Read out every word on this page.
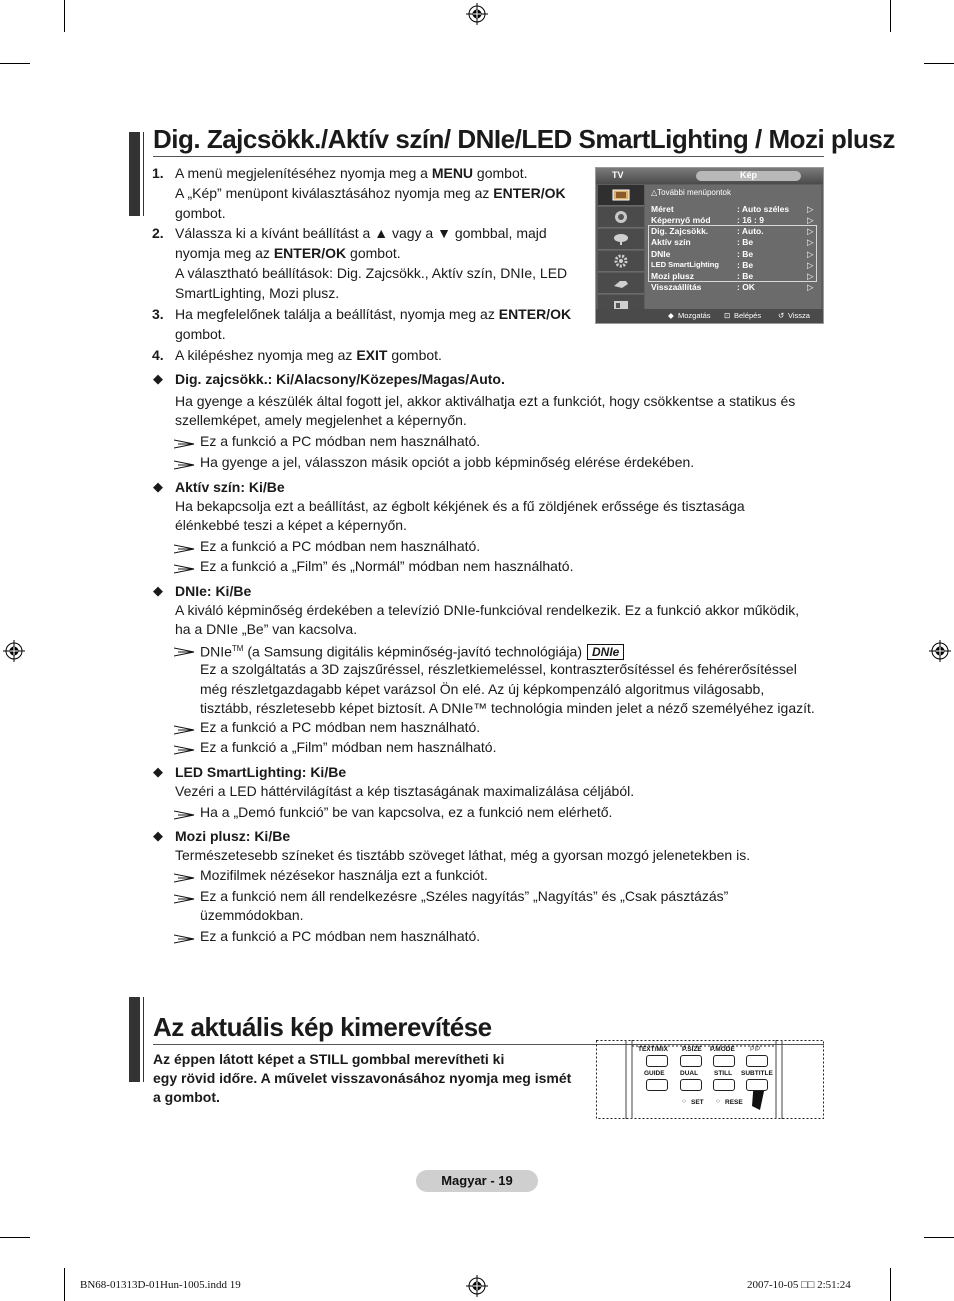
Dig. Zajcsökk./Aktív szín/ DNIe/LED SmartLighting / Mozi plusz
1. A menü megjelenítéséhez nyomja meg a MENU gombot.
A „Kép” menüpont kiválasztásához nyomja meg az ENTER/OK
gombot.
2. Válassza ki a kívánt beállítást a ▲ vagy a ▼ gombbal, majd
nyomja meg az ENTER/OK gombot.
A választható beállítások: Dig. Zajcsökk., Aktív szín, DNIe, LED
SmartLighting, Mozi plusz.
3. Ha megfelelőnek találja a beállítást, nyomja meg az ENTER/OK
gombot.
4. A kilépéshez nyomja meg az EXIT gombot.
◆ Dig. zajcsökk.: Ki/Alacsony/Közepes/Magas/Auto.
Ha gyenge a készülék által fogott jel, akkor aktiválhatja ezt a funkciót, hogy csökkentse a statikus és
szellemképet, amely megjelenhet a képernyőn.
Ez a funkció a PC módban nem használható.
Ha gyenge a jel, válasszon másik opciót a jobb képminőség elérése érdekében.
◆ Aktív szín: Ki/Be
Ha bekapcsolja ezt a beállítást, az égbolt kékjének és a fű zöldjének erőssége és tisztasága
élénkebbé teszi a képet a képernyőn.
Ez a funkció a PC módban nem használható.
Ez a funkció a „Film” és „Normál” módban nem használható.
◆ DNIe: Ki/Be
A kiváló képminőség érdekében a televízió DNIe-funkcióval rendelkezik. Ez a funkció akkor működik,
ha a DNIe „Be” van kacsolva.
DNIe™ (a Samsung digitális képminőség-javító technológiája) DNIe
Ez a szolgáltatás a 3D zajszűréssel, részletkiemeléssel, kontraszterősítéssel és fehérerősítéssel
még részletgazdagabb képet varázsol Ön elé. Az új képkompenzáló algoritmus világosabb,
tisztább, részletesebb képet biztosít. A DNIe™ technológia minden jelet a néző személyéhez igazít.
Ez a funkció a PC módban nem használható.
Ez a funkció a „Film” módban nem használható.
◆ LED SmartLighting: Ki/Be
Vezéri a LED háttérvilágítást a kép tisztaságának maximalizálása céljából.
Ha a „Demó funkció” be van kapcsolva, ez a funkció nem elérhető.
◆ Mozi plusz: Ki/Be
Természetesebb színeket és tisztább szöveget láthat, még a gyorsan mozgó jelenetekben is.
Mozifilmek nézésekor használja ezt a funkciót.
Ez a funkció nem áll rendelkezésre „Széles nagyítás” „Nagyítás” és „Csak pásztázás”
üzemmódokban.
Ez a funkció a PC módban nem használható.
TV	Kép
△További menüpontok
Méret	: Auto széles ▷
Képernyő mód	: 16 : 9	▷
Dig. Zajcsökk.	: Auto.	▷
Aktív szín	: Be	▷
DNIe	: Be	▷
LED SmartLighting : Be	▷
Mozi plusz	: Be	▷
Visszaállítás	: OK	▷
◆ Mozgatás ⊡ Belépés ↺ Vissza
Az aktuális kép kimerevítése
Az éppen látott képet a STILL gombbal merevítheti ki
egy rövid időre. A művelet visszavonásához nyomja meg ismét
a gombot.
TEXT/MIX P.SIZE P.MODE PIP
GUIDE DUAL STILL SUBTITLE
○ SET ○ RESE
Magyar - 19
BN68-01313D-01Hun-1005.indd 19	2007-10-05 □□ 2:51:24
